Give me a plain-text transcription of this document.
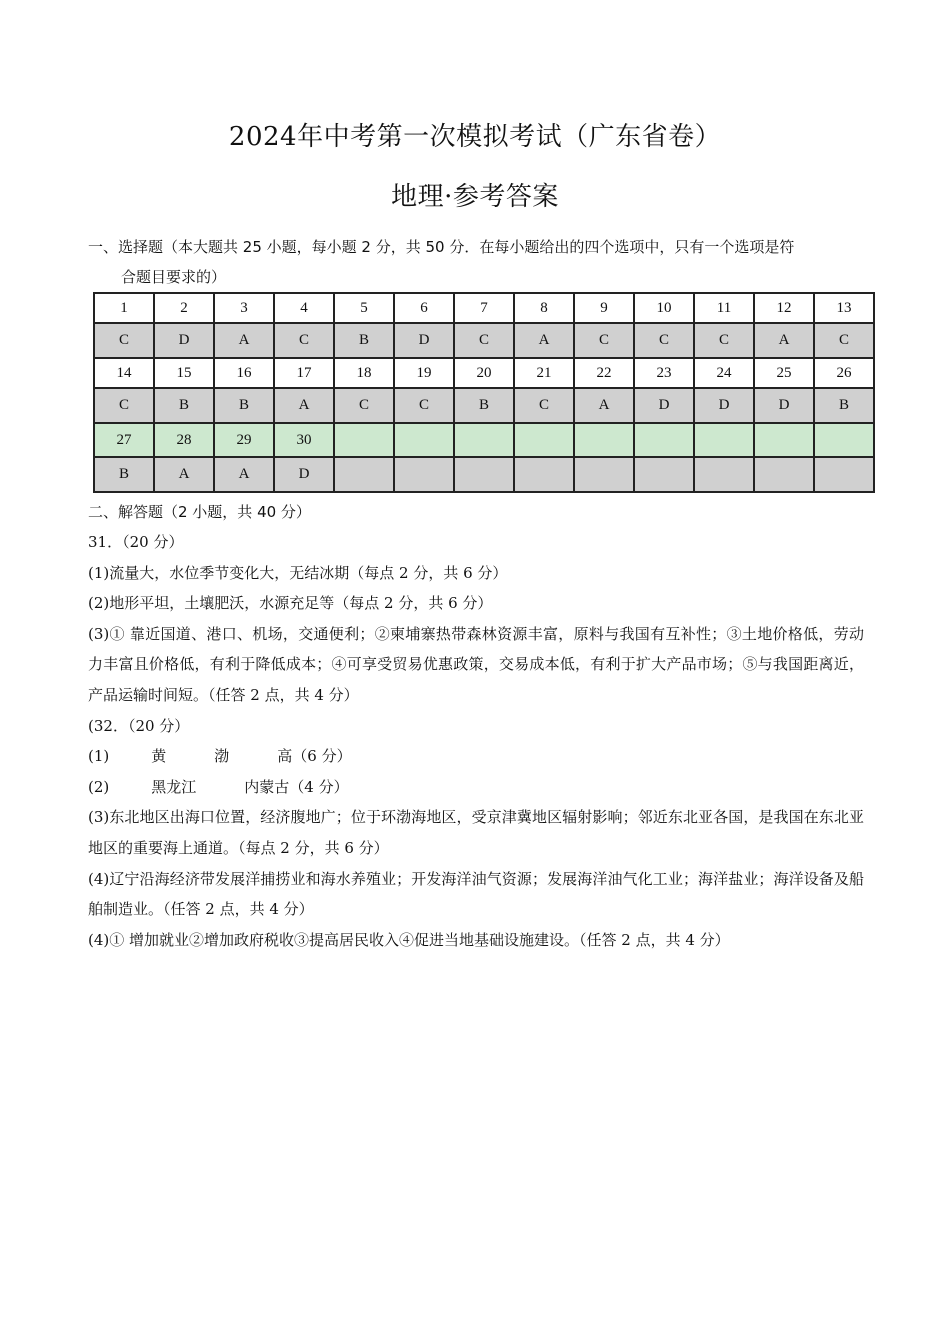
2024年中考第一次模拟考试（广东省卷）
地理·参考答案
一、选择题（本大题共 25 小题，每小题 2 分，共 50 分．在每小题给出的四个选项中，只有一个选项是符
合题目要求的）
1	2	3	4	5	6	7	8	9	10	11	12	13
C	D	A	C	B	D	C	A	C	C	C	A	C
14	15	16	17	18	19	20	21	22	23	24	25	26
C	B	B	A	C	C	B	C	A	D	D	D	B
27	28	29	30									
B	A	A	D									
二、解答题（2 小题，共 40 分）

31．（20 分）

(1)流量大，水位季节变化大，无结冰期（每点 2 分，共 6 分）

(2)地形平坦，土壤肥沃，水源充足等（每点 2 分，共 6 分）

(3)① 靠近国道、港口、机场，交通便利；②柬埔寨热带森林资源丰富，原料与我国有互补性；③土地价格低，劳动力丰富且价格低，有利于降低成本；④可享受贸易优惠政策，交易成本低，有利于扩大产品市场；⑤与我国距离近，产品运输时间短。（任答 2 点，共 4 分）

(32．（20 分）

(1)	黄	渤	高（6 分）

(2)	黑龙江	内蒙古（4 分）

(3)东北地区出海口位置，经济腹地广；位于环渤海地区，受京津冀地区辐射影响；邻近东北亚各国，是我国在东北亚地区的重要海上通道。（每点 2 分，共 6 分）

(4)辽宁沿海经济带发展洋捕捞业和海水养殖业；开发海洋油气资源；发展海洋油气化工业；海洋盐业；海洋设备及船舶制造业。（任答 2 点，共 4 分）

(4)① 增加就业②增加政府税收③提高居民收入④促进当地基础设施建设。（任答 2 点，共 4 分）
